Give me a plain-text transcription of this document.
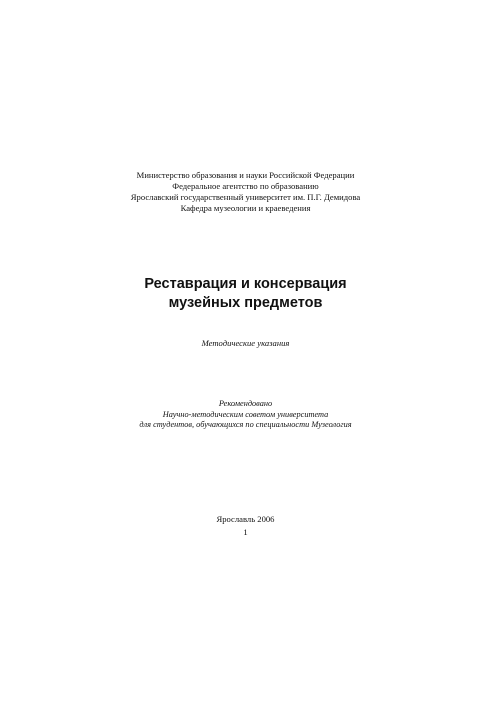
Министерство образования и науки Российской Федерации
Федеральное агентство по образованию
Ярославский государственный университет им. П.Г. Демидова
Кафедра музеологии и краеведения
Реставрация и консервация
музейных предметов
Методические указания
Рекомендовано
Научно-методическим советом университета
для студентов, обучающихся по специальности Музеология
Ярославль 2006
1
